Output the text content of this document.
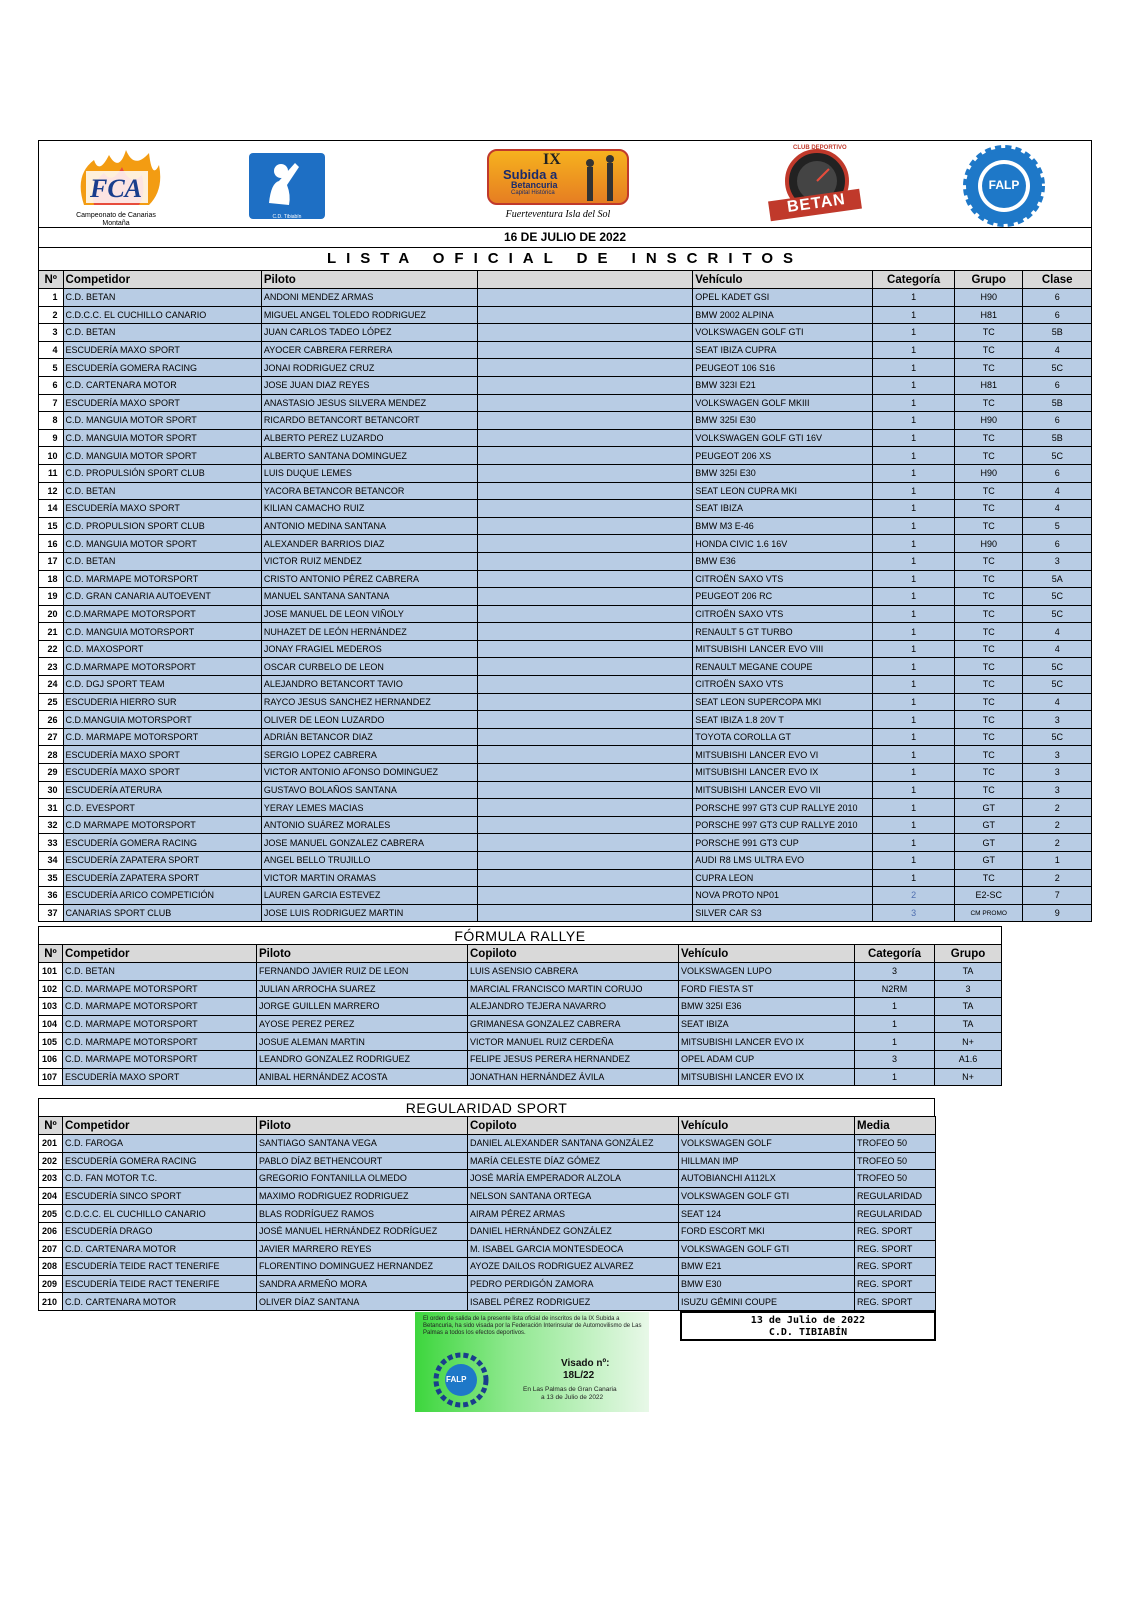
FCA
Campeonato de Canarias Montaña
C.D. Tibiabín
IX
Subida a
Betancuria
Capital Histórica
Fuerteventura Isla del Sol	BETAN
CLUB DEPORTIVO
FALP
16 DE JULIO DE 2022
LISTA OFICIAL DE INSCRITOS
Nº	Competidor	Piloto		Vehículo	Categoría	Grupo	Clase
1	C.D. BETAN	ANDONI MENDEZ ARMAS		OPEL KADET GSI	1	H90	6
2	C.D.C.C. EL CUCHILLO CANARIO	MIGUEL ANGEL TOLEDO RODRIGUEZ		BMW 2002 ALPINA	1	H81	6
3	C.D. BETAN	JUAN CARLOS TADEO LÓPEZ		VOLKSWAGEN GOLF GTI	1	TC	5B
4	ESCUDERÍA MAXO SPORT	AYOCER CABRERA FERRERA		SEAT IBIZA CUPRA	1	TC	4
5	ESCUDERÍA GOMERA RACING	JONAI RODRIGUEZ CRUZ		PEUGEOT 106 S16	1	TC	5C
6	C.D. CARTENARA MOTOR	JOSE JUAN DIAZ REYES		BMW 323I E21	1	H81	6
7	ESCUDERÍA MAXO SPORT	ANASTASIO JESUS SILVERA MENDEZ		VOLKSWAGEN GOLF MKIII	1	TC	5B
8	C.D. MANGUIA MOTOR SPORT	RICARDO BETANCORT BETANCORT		BMW 325I E30	1	H90	6
9	C.D. MANGUIA MOTOR SPORT	ALBERTO PEREZ LUZARDO		VOLKSWAGEN GOLF GTI 16V	1	TC	5B
10	C.D. MANGUIA MOTOR SPORT	ALBERTO SANTANA DOMINGUEZ		PEUGEOT 206 XS	1	TC	5C
11	C.D. PROPULSIÓN SPORT CLUB	LUIS DUQUE LEMES		BMW 325I E30	1	H90	6
12	C.D. BETAN	YACORA BETANCOR BETANCOR		SEAT LEON CUPRA MKI	1	TC	4
14	ESCUDERÍA MAXO SPORT	KILIAN CAMACHO RUIZ		SEAT IBIZA	1	TC	4
15	C.D. PROPULSION SPORT CLUB	ANTONIO MEDINA SANTANA		BMW M3 E-46	1	TC	5
16	C.D. MANGUIA MOTOR SPORT	ALEXANDER BARRIOS DIAZ		HONDA CIVIC 1.6 16V	1	H90	6
17	C.D. BETAN	VICTOR RUIZ MENDEZ		BMW E36	1	TC	3
18	C.D. MARMAPE MOTORSPORT	CRISTO ANTONIO PÉREZ CABRERA		CITROËN SAXO VTS	1	TC	5A
19	C.D. GRAN CANARIA AUTOEVENT	MANUEL SANTANA SANTANA		PEUGEOT 206 RC	1	TC	5C
20	C.D.MARMAPE MOTORSPORT	JOSE MANUEL DE LEON VIÑOLY		CITROËN SAXO VTS	1	TC	5C
21	C.D. MANGUIA MOTORSPORT	NUHAZET DE LEÓN HERNÁNDEZ		RENAULT 5 GT TURBO	1	TC	4
22	C.D. MAXOSPORT	JONAY FRAGIEL MEDEROS		MITSUBISHI LANCER EVO VIII	1	TC	4
23	C.D.MARMAPE MOTORSPORT	OSCAR CURBELO DE LEON		RENAULT MEGANE COUPE	1	TC	5C
24	C.D. DGJ SPORT TEAM	ALEJANDRO BETANCORT TAVIO		CITROËN SAXO VTS	1	TC	5C
25	ESCUDERIA HIERRO SUR	RAYCO JESUS SANCHEZ HERNANDEZ		SEAT LEON SUPERCOPA MKI	1	TC	4
26	C.D.MANGUIA MOTORSPORT	OLIVER DE LEON LUZARDO		SEAT IBIZA 1.8 20V T	1	TC	3
27	C.D. MARMAPE MOTORSPORT	ADRIÁN BETANCOR DIAZ		TOYOTA COROLLA GT	1	TC	5C
28	ESCUDERÍA MAXO SPORT	SERGIO LOPEZ CABRERA		MITSUBISHI LANCER EVO VI	1	TC	3
29	ESCUDERÍA MAXO SPORT	VICTOR ANTONIO AFONSO DOMINGUEZ		MITSUBISHI LANCER EVO IX	1	TC	3
30	ESCUDERÍA ATERURA	GUSTAVO BOLAÑOS SANTANA		MITSUBISHI LANCER EVO VII	1	TC	3
31	C.D. EVESPORT	YERAY LEMES MACIAS		PORSCHE 997 GT3 CUP RALLYE 2010	1	GT	2
32	C.D MARMAPE MOTORSPORT	ANTONIO SUÁREZ MORALES		PORSCHE 997 GT3 CUP RALLYE 2010	1	GT	2
33	ESCUDERÍA GOMERA RACING	JOSE MANUEL GONZALEZ CABRERA		PORSCHE 991 GT3 CUP	1	GT	2
34	ESCUDERÍA ZAPATERA SPORT	ANGEL BELLO TRUJILLO		AUDI R8 LMS ULTRA EVO	1	GT	1
35	ESCUDERÍA ZAPATERA SPORT	VICTOR MARTIN ORAMAS		CUPRA LEON	1	TC	2
36	ESCUDERÍA ARICO COMPETICIÓN	LAUREN GARCIA ESTEVEZ		NOVA PROTO NP01	2	E2-SC	7
37	CANARIAS SPORT CLUB	JOSE LUIS RODRIGUEZ MARTIN		SILVER CAR S3	3	CM PROMO	9
FÓRMULA RALLYE
Nº	Competidor	Piloto	Copiloto	Vehículo	Categoría	Grupo
101	C.D. BETAN	FERNANDO JAVIER RUIZ DE LEON	LUIS ASENSIO CABRERA	VOLKSWAGEN LUPO	3	TA
102	C.D. MARMAPE MOTORSPORT	JULIAN ARROCHA SUAREZ	MARCIAL FRANCISCO MARTIN CORUJO	FORD FIESTA ST	N2RM	3
103	C.D. MARMAPE MOTORSPORT	JORGE GUILLEN MARRERO	ALEJANDRO TEJERA NAVARRO	BMW 325I E36	1	TA
104	C.D. MARMAPE MOTORSPORT	AYOSE PEREZ PEREZ	GRIMANESA GONZALEZ CABRERA	SEAT IBIZA	1	TA
105	C.D. MARMAPE MOTORSPORT	JOSUE ALEMAN MARTIN	VICTOR MANUEL RUIZ CERDEÑA	MITSUBISHI LANCER EVO IX	1	N+
106	C.D. MARMAPE MOTORSPORT	LEANDRO GONZALEZ RODRIGUEZ	FELIPE JESUS PERERA HERNANDEZ	OPEL ADAM CUP	3	A1.6
107	ESCUDERÍA MAXO SPORT	ANIBAL HERNÁNDEZ ACOSTA	JONATHAN HERNÁNDEZ ÁVILA	MITSUBISHI LANCER EVO IX	1	N+
REGULARIDAD SPORT
Nº	Competidor	Piloto	Copiloto	Vehículo	Media
201	C.D. FAROGA	SANTIAGO SANTANA VEGA	DANIEL ALEXANDER SANTANA GONZÁLEZ	VOLKSWAGEN GOLF	TROFEO 50
202	ESCUDERÍA GOMERA RACING	PABLO DÍAZ BETHENCOURT	MARÍA CELESTE DÍAZ GÓMEZ	HILLMAN IMP	TROFEO 50
203	C.D. FAN MOTOR T.C.	GREGORIO FONTANILLA OLMEDO	JOSÉ MARÍA EMPERADOR ALZOLA	AUTOBIANCHI A112LX	TROFEO 50
204	ESCUDERÍA SINCO SPORT	MAXIMO RODRIGUEZ RODRIGUEZ	NELSON SANTANA ORTEGA	VOLKSWAGEN GOLF GTI	REGULARIDAD
205	C.D.C.C. EL CUCHILLO CANARIO	BLAS RODRÍGUEZ RAMOS	AIRAM PÉREZ ARMAS	SEAT 124	REGULARIDAD
206	ESCUDERÍA DRAGO	JOSÉ MANUEL HERNÁNDEZ RODRÍGUEZ	DANIEL HERNÁNDEZ GONZÁLEZ	FORD ESCORT MKI	REG. SPORT
207	C.D. CARTENARA MOTOR	JAVIER MARRERO REYES	M. ISABEL GARCIA MONTESDEOCA	VOLKSWAGEN GOLF GTI	REG. SPORT
208	ESCUDERÍA TEIDE RACT TENERIFE	FLORENTINO DOMINGUEZ HERNANDEZ	AYOZE DAILOS RODRIGUEZ ALVAREZ	BMW E21	REG. SPORT
209	ESCUDERÍA TEIDE RACT TENERIFE	SANDRA ARMEÑO MORA	PEDRO PERDIGÓN ZAMORA	BMW E30	REG. SPORT
210	C.D. CARTENARA MOTOR	OLIVER DÍAZ SANTANA	ISABEL PÉREZ RODRIGUEZ	ISUZU GÉMINI COUPE	REG. SPORT
El orden de salida de la presente lista oficial de inscritos de la IX Subida a Betancuria, ha sido visada por la Federación Interinsular de Automovilismo de Las Palmas a todos los efectos deportivos.
FALP
Visado nº:
18L/22
En Las Palmas de Gran Canaria
a 13 de Julio de 2022
13 de Julio de 2022
C.D. TIBIABÍN
